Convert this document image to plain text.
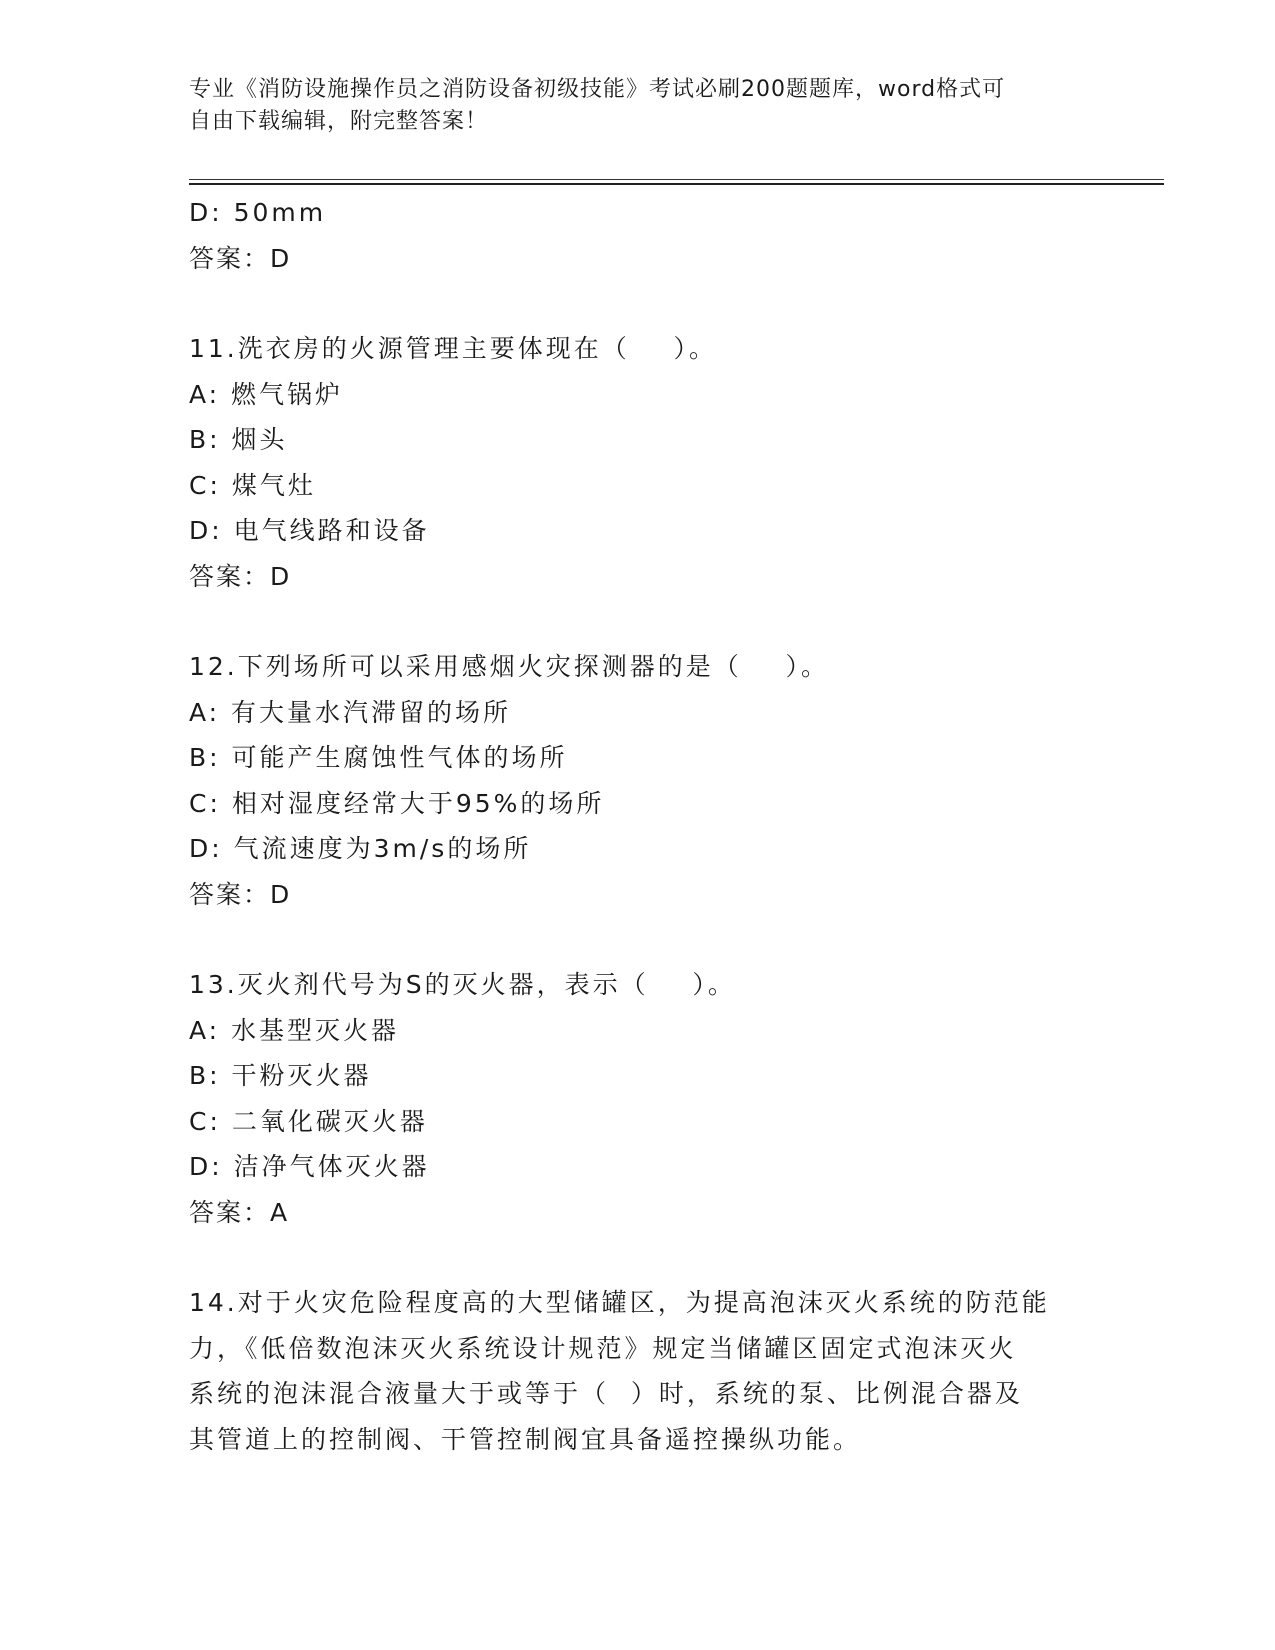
专业《消防设施操作员之消防设备初级技能》考试必刷200题题库，word格式可
自由下载编辑，附完整答案！
D: 50mm
答案：D
11.洗衣房的火源管理主要体现在（    ）。
A: 燃气锅炉
B: 烟头
C: 煤气灶
D: 电气线路和设备
答案：D
12.下列场所可以采用感烟火灾探测器的是（    ）。
A: 有大量水汽滞留的场所
B: 可能产生腐蚀性气体的场所
C: 相对湿度经常大于95%的场所
D: 气流速度为3m/s的场所
答案：D
13.灭火剂代号为S的灭火器，表示（    ）。
A: 水基型灭火器
B: 干粉灭火器
C: 二氧化碳灭火器
D: 洁净气体灭火器
答案：A
14.对于火灾危险程度高的大型储罐区，为提高泡沫灭火系统的防范能
力，《低倍数泡沫灭火系统设计规范》规定当储罐区固定式泡沫灭火
系统的泡沫混合液量大于或等于（  ）时，系统的泵、比例混合器及
其管道上的控制阀、干管控制阀宜具备遥控操纵功能。
